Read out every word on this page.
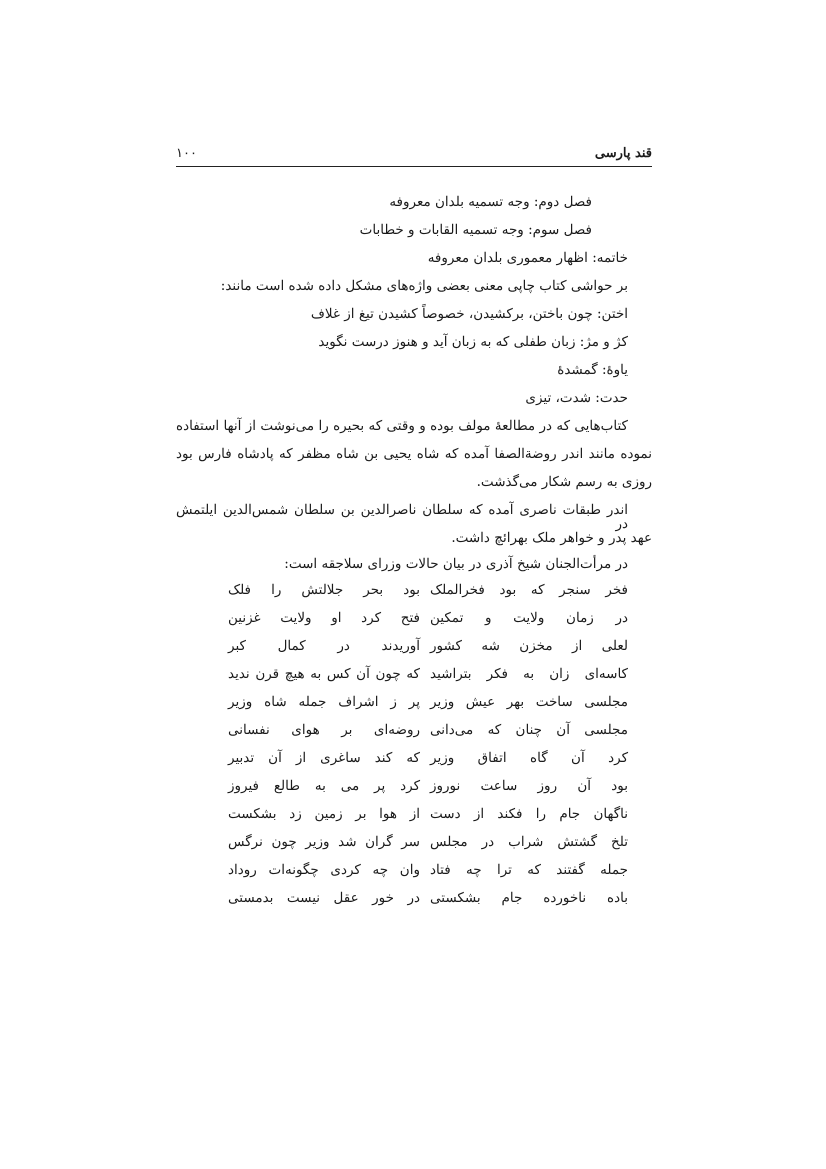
قند پارسی
۱۰۰
فصل دوم: وجه تسمیه بلدان معروفه
فصل سوم: وجه تسمیه القابات و خطابات
خاتمه: اظهار معموری بلدان معروفه
بر حواشی کتاب چاپی معنی بعضی واژه‌های مشکل داده شده است مانند:
اختن: چون باختن، برکشیدن، خصوصاً کشیدن تیغ از غلاف
کژ و مژ: زبان طفلی که به زبان آید و هنوز درست نگوید
یاوهٔ: گمشدهٔ
حدت: شدت، تیزی
کتاب‌هایی که در مطالعهٔ مولف بوده و وقتی که بحیره را می‌نوشت از آنها استفاده
نموده مانند اندر روضةالصفا آمده که شاه یحیی بن شاه مظفر که پادشاه فارس بود
روزی به رسم شکار می‌گذشت.
اندر طبقات ناصری آمده که سلطان ناصرالدین بن سلطان شمس‌الدین ایلتمش در
عهد پدر و خواهر ملک بهرائچ داشت.
در مرأت‌الجنان شیخ آذری در بیان حالات وزرای سلاجقه است:
فخر سنجر که بود فخرالملک
بود بحر جلالتش را فلک
در زمان ولایت و تمکین
فتح کرد او ولایت غزنین
لعلی از مخزن شه کشور
آوریدند در کمال کبر
کاسه‌ای زان به فکر بتراشید
که چون آن کس به هیچ قرن ندید
مجلسی ساخت بهر عیش وزیر
پر ز اشراف جمله شاه وزیر
مجلسی آن چنان که می‌دانی
روضه‌ای بر هوای نفسانی
کرد آن گاه اتفاق وزیر
که کند ساغری از آن تدبیر
بود آن روز ساعت نوروز
کرد پر می به طالع فیروز
ناگهان جام را فکند از دست
از هوا بر زمین زد بشکست
تلخ گشتش شراب در مجلس
سر گران شد وزیر چون نرگس
جمله گفتند که ترا چه فتاد
وان چه کردی چگونه‌ات روداد
باده ناخورده جام بشکستی
در خور عقل نیست بدمستی
